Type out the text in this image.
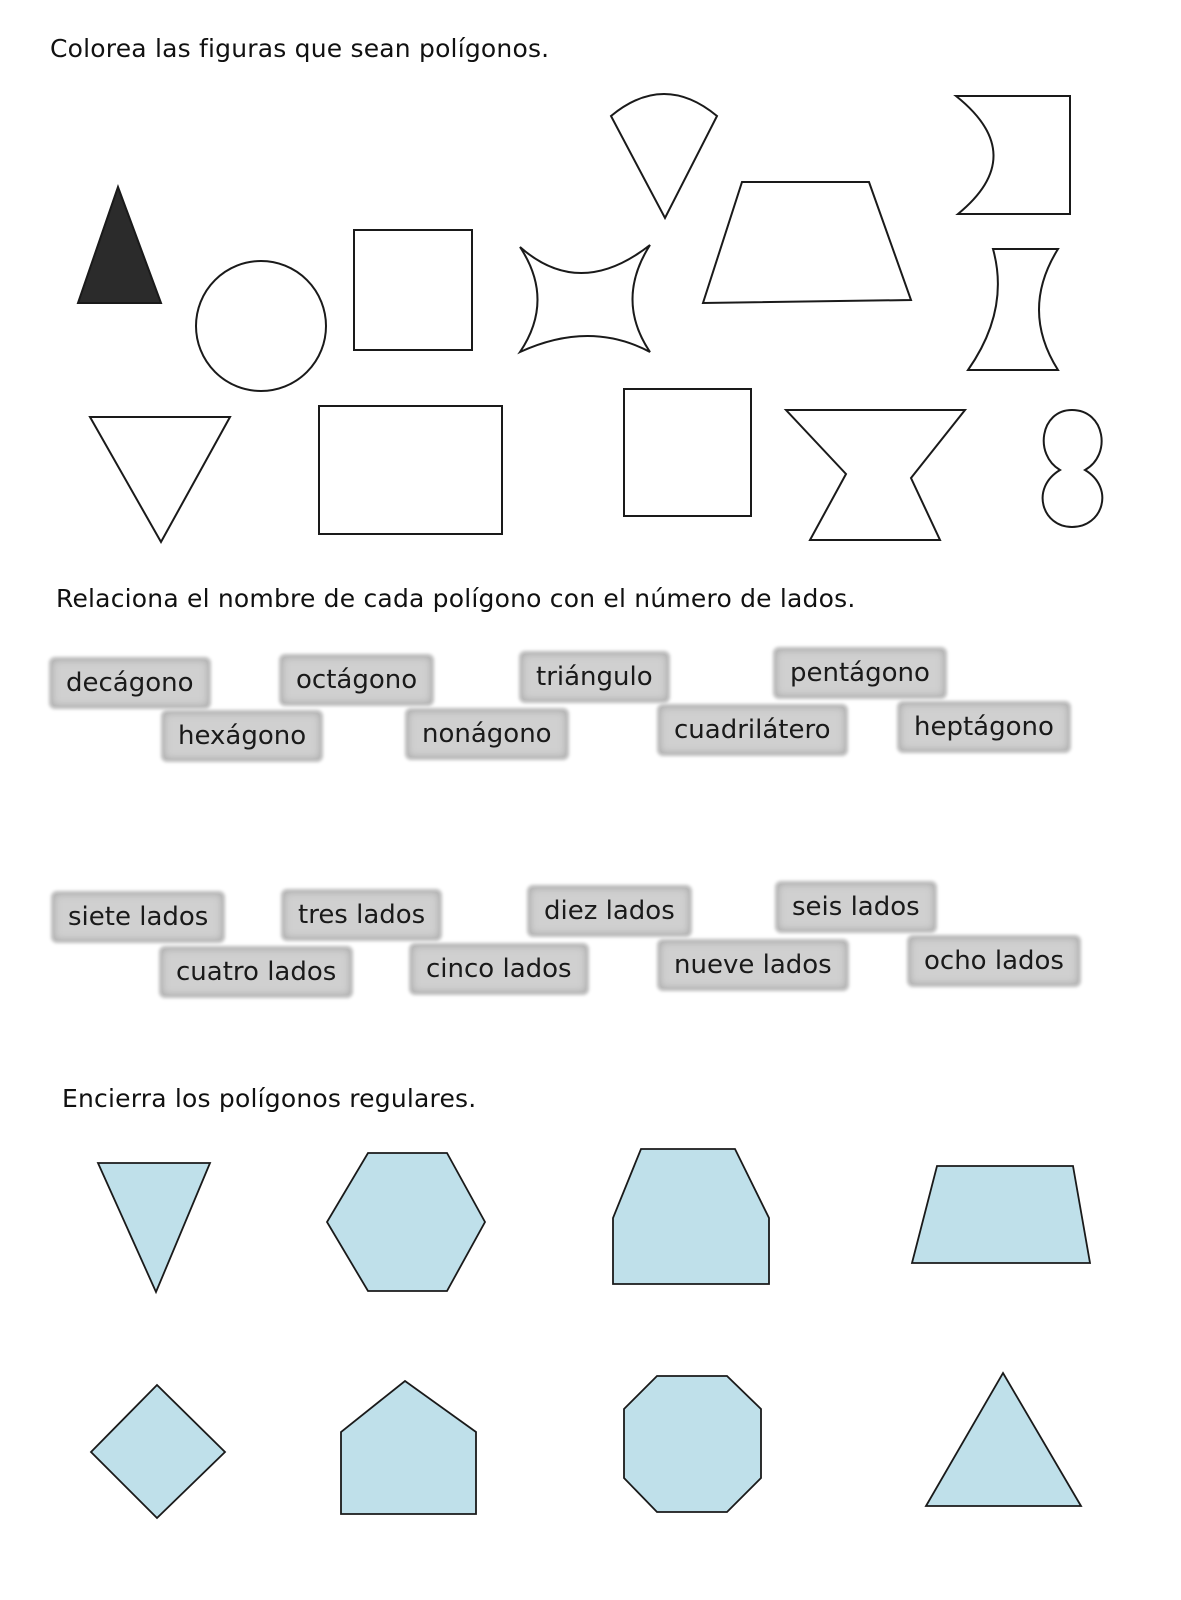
Colorea las figuras que sean polígonos.
Relaciona el nombre de cada polígono con el número de lados.
Encierra los polígonos regulares.
decágono	octágono	triángulo	pentágono
hexágono	nonágono	cuadrilátero	heptágono
siete lados	tres lados	diez lados	seis lados
cuatro lados	cinco lados	nueve lados	ocho lados
